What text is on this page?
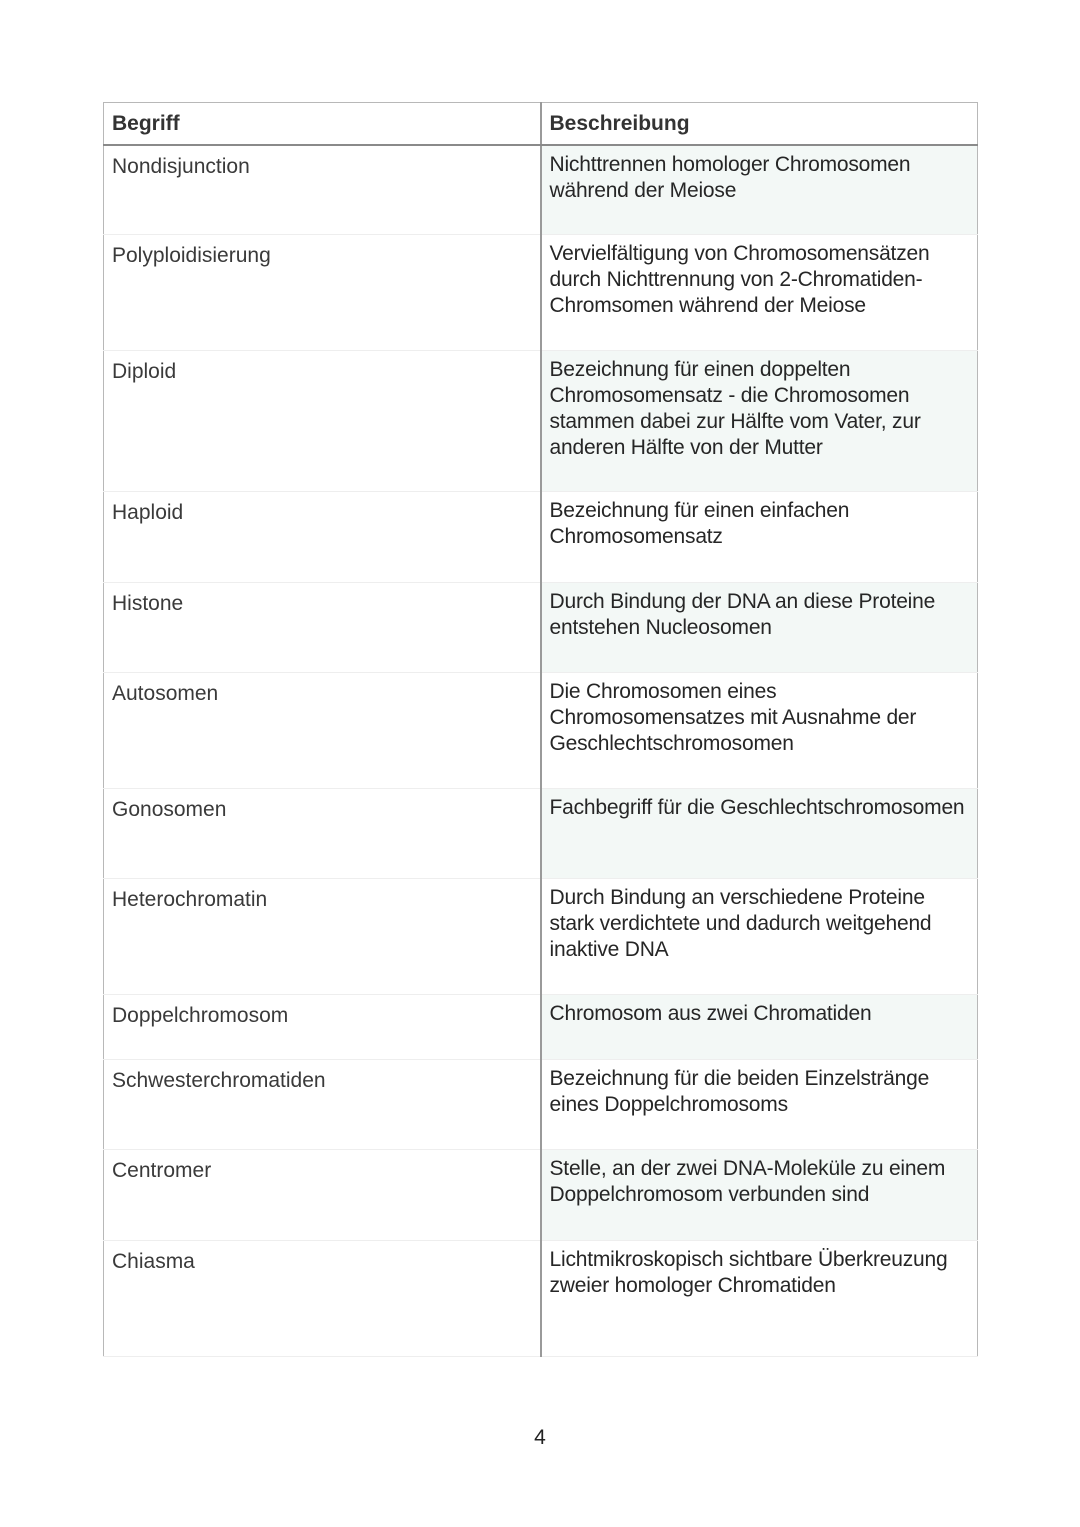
Begriff	Beschreibung
Nondisjunction	Nichttrennen homologer Chromosomen während der Meiose
Polyploidisierung	Vervielfältigung von Chromosomensätzen durch Nichttrennung von 2-Chromatiden-Chromsomen während der Meiose
Diploid	Bezeichnung für einen doppelten Chromosomensatz - die Chromosomen stammen dabei zur Hälfte vom Vater, zur anderen Hälfte von der Mutter
Haploid	Bezeichnung für einen einfachen Chromosomensatz
Histone	Durch Bindung der DNA an diese Proteine entstehen Nucleosomen
Autosomen	Die Chromosomen eines Chromosomensatzes mit Ausnahme der Geschlechtschromosomen
Gonosomen	Fachbegriff für die Geschlechtschromosomen
Heterochromatin	Durch Bindung an verschiedene Proteine stark verdichtete und dadurch weitgehend inaktive DNA
Doppelchromosom	Chromosom aus zwei Chromatiden
Schwesterchromatiden	Bezeichnung für die beiden Einzelstränge eines Doppelchromosoms
Centromer	Stelle, an der zwei DNA-Moleküle zu einem Doppelchromosom verbunden sind
Chiasma	Lichtmikroskopisch sichtbare Überkreuzung zweier homologer Chromatiden
4
